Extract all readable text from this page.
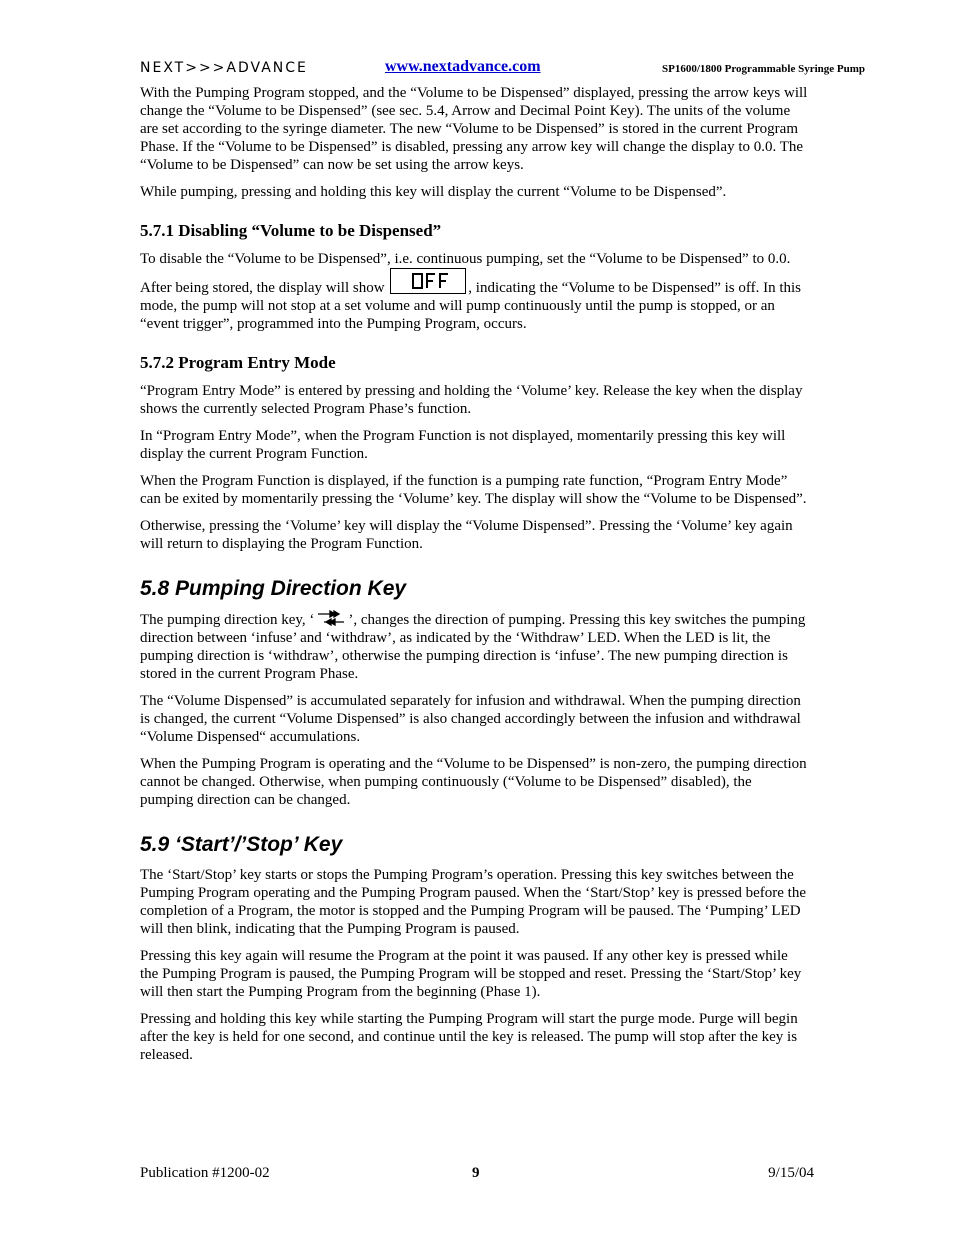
NEXT>>>ADVANCE	www.nextadvance.com	SP1600/1800 Programmable Syringe Pump

With the Pumping Program stopped, and the “Volume to be Dispensed” displayed, pressing the arrow keys will change the “Volume to be Dispensed” (see sec. 5.4, Arrow and Decimal Point Key). The units of the volume are set according to the syringe diameter. The new “Volume to be Dispensed” is stored in the current Program Phase. If the “Volume to be Dispensed” is disabled, pressing any arrow key will change the display to 0.0. The “Volume to be Dispensed” can now be set using the arrow keys.

While pumping, pressing and holding this key will display the current “Volume to be Dispensed”.

5.7.1 Disabling “Volume to be Dispensed”

To disable the “Volume to be Dispensed”, i.e. continuous pumping, set the “Volume to be Dispensed” to 0.0. After being stored, the display will show
OFF
, indicating the “Volume to be Dispensed” is off. In this mode, the pump will not stop at a set volume and will pump continuously until the pump is stopped, or an “event trigger”, programmed into the Pumping Program, occurs.

5.7.2 Program Entry Mode

“Program Entry Mode” is entered by pressing and holding the ‘Volume’ key. Release the key when the display shows the currently selected Program Phase’s function.

In “Program Entry Mode”, when the Program Function is not displayed, momentarily pressing this key will display the current Program Function.

When the Program Function is displayed, if the function is a pumping rate function, “Program Entry Mode” can be exited by momentarily pressing the ‘Volume’ key. The display will show the “Volume to be Dispensed”.

Otherwise, pressing the ‘Volume’ key will display the “Volume Dispensed”. Pressing the ‘Volume’ key again will return to displaying the Program Function.

5.8 Pumping Direction Key

The pumping direction key, ‘ ’, changes the direction of pumping. Pressing this key switches the pumping direction between ‘infuse’ and ‘withdraw’, as indicated by the ‘Withdraw’ LED. When the LED is lit, the pumping direction is ‘withdraw’, otherwise the pumping direction is ‘infuse’. The new pumping direction is stored in the current Program Phase.

The “Volume Dispensed” is accumulated separately for infusion and withdrawal. When the pumping direction is changed, the current “Volume Dispensed” is also changed accordingly between the infusion and withdrawal “Volume Dispensed“ accumulations.

When the Pumping Program is operating and the “Volume to be Dispensed” is non-zero, the pumping direction cannot be changed. Otherwise, when pumping continuously (“Volume to be Dispensed” disabled), the pumping direction can be changed.

5.9 ‘Start’/’Stop’ Key

The ‘Start/Stop’ key starts or stops the Pumping Program’s operation. Pressing this key switches between the Pumping Program operating and the Pumping Program paused. When the ‘Start/Stop’ key is pressed before the completion of a Program, the motor is stopped and the Pumping Program will be paused. The ‘Pumping’ LED will then blink, indicating that the Pumping Program is paused.

Pressing this key again will resume the Program at the point it was paused. If any other key is pressed while the Pumping Program is paused, the Pumping Program will be stopped and reset. Pressing the ‘Start/Stop’ key will then start the Pumping Program from the beginning (Phase 1).

Pressing and holding this key while starting the Pumping Program will start the purge mode. Purge will begin after the key is held for one second, and continue until the key is released. The pump will stop after the key is released.

Publication #1200-02	9	9/15/04
